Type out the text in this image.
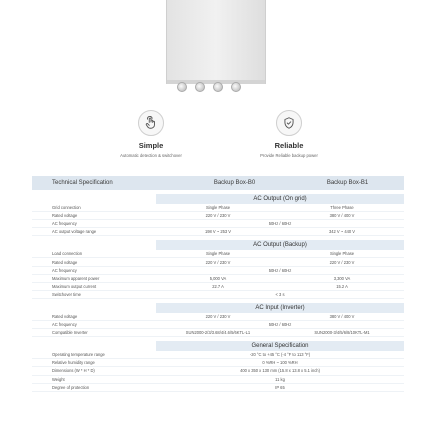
Simple
Automatic detection & switchover
Reliable
Provide Reliable backup power
Technical Specification	Backup Box-B0	Backup Box-B1
AC Output (On grid)
Grid connection	Single Phase	Three Phase
Rated voltage	220 V / 230 V	380 V / 400 V
AC frequency	50Hz / 60Hz
AC output voltage range	198 V ~ 253 V	342 V ~ 440 V
AC Output (Backup)
Load connection	Single Phase	Single Phase
Rated voltage	220 V / 230 V	220 V / 230 V
AC frequency	50Hz / 60Hz
Maximum apparent power	5,000 VA	3,300 VA
Maximum output current	22.7 A	15.2 A
Switchover time	< 3 s
AC Input (Inverter)
Rated voltage	220 V / 230 V	380 V / 400 V
AC frequency	50Hz / 60Hz
Compatible Inverter	SUN2000-2/3/3.68/4/4.6/5/6KTL-L1	SUN2000-3/4/5/6/8/10KTL-M1
General Specification
Operating temperature range	-20 °C to +45 °C (-4 °F to 113 °F)
Relative humidity range	0 %RH ~ 100 %RH
Dimensions (W * H * D)	400 x 350 x 130 mm (15.8 x 13.8 x 5.1 inch)
Weight	11 kg
Degree of protection	IP 65
